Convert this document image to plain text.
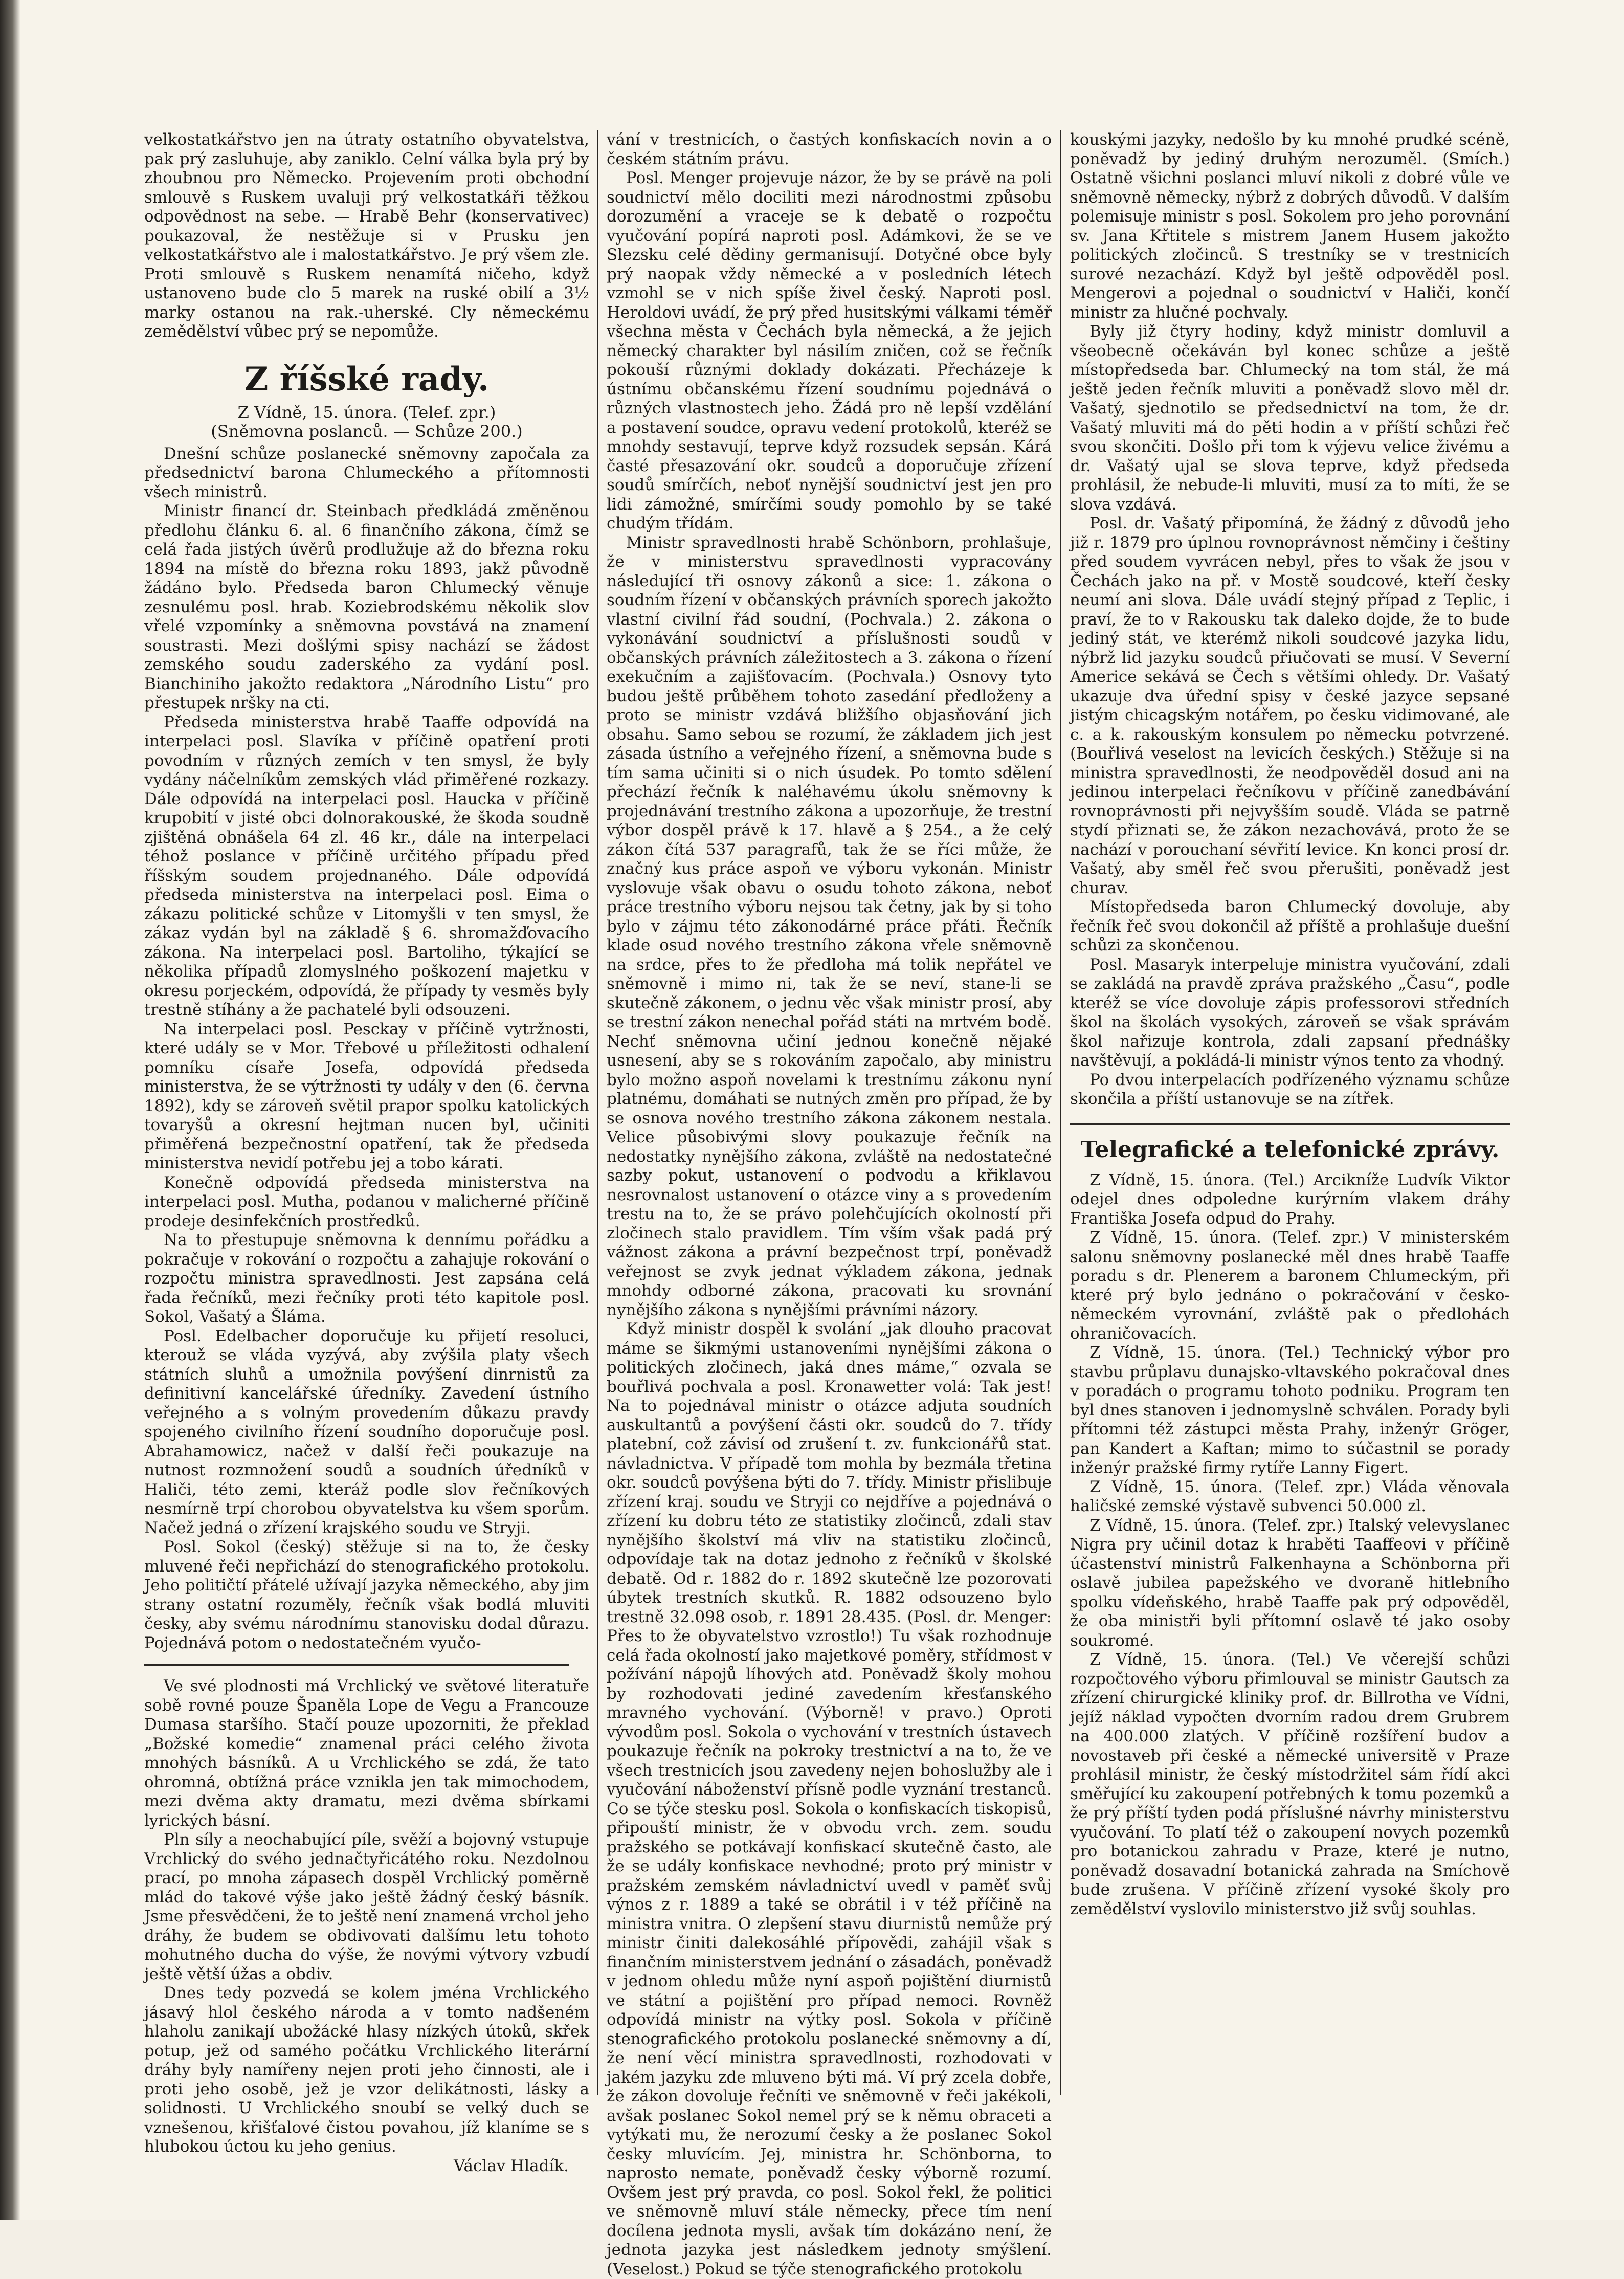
velkostatkářstvo jen na útraty ostatního obyvatelstva, pak prý zasluhuje, aby zaniklo. Celní válka byla prý by zhoubnou pro Německo. Projevením proti obchodní smlouvě s Ruskem uvaluji prý velkostatkáři těžkou odpovědnost na sebe. — Hrabě Behr (konservativec) poukazoval, že nestěžuje si v Prusku jen velkostatkářstvo ale i malostatkářstvo. Je prý všem zle. Proti smlouvě s Ruskem nenamítá ničeho, když ustanoveno bude clo 5 marek na ruské obilí a 3½ marky ostanou na rak.-uherské. Cly německému zemědělství vůbec prý se nepomůže.

Z říšské rady.

Z Vídně, 15. února. (Telef. zpr.)

(Sněmovna poslanců. — Schůze 200.)

Dnešní schůze poslanecké sněmovny započala za předsednictví barona Chlumeckého a přítomnosti všech ministrů.

Ministr financí dr. Steinbach předkládá změněnou předlohu článku 6. al. 6 finančního zákona, čímž se celá řada jistých úvěrů prodlužuje až do března roku 1894 na místě do března roku 1893, jakž původně žádáno bylo. Předseda baron Chlumecký věnuje zesnulému posl. hrab. Koziebrodskému několik slov vřelé vzpomínky a sněmovna povstává na znamení soustrasti. Mezi došlými spisy nachází se žádost zemského soudu zaderského za vydání posl. Bianchiniho jakožto redaktora „Národního Listu“ pro přestupek nršky na cti.

Předseda ministerstva hrabě Taaffe odpovídá na interpelaci posl. Slavíka v příčině opatření proti povodním v různých zemích v ten smysl, že byly vydány náčelníkům zemských vlád přiměřené rozkazy. Dále odpovídá na interpelaci posl. Haucka v příčině krupobití v jisté obci dolnorakouské, že škoda soudně zjištěná obnášela 64 zl. 46 kr., dále na interpelaci téhož poslance v příčině určitého případu před říšským soudem projednaného. Dále odpovídá předseda ministerstva na interpelaci posl. Eima o zákazu politické schůze v Litomyšli v ten smysl, že zákaz vydán byl na základě § 6. shromažďovacího zákona. Na interpelaci posl. Bartoliho, týkající se několika případů zlomyslného poškození majetku v okresu porjeckém, odpovídá, že případy ty vesměs byly trestně stíhány a že pachatelé byli odsouzeni.

Na interpelaci posl. Pesckay v příčině vytržnosti, které udály se v Mor. Třebové u příležitosti odhalení pomníku císaře Josefa, odpovídá předseda ministerstva, že se výtržnosti ty udály v den (6. června 1892), kdy se zároveň světil prapor spolku katolických tovaryšů a okresní hejtman nucen byl, učiniti přiměřená bezpečnostní opatření, tak že předseda ministerstva nevidí potřebu jej a tobo kárati.

Konečně odpovídá předseda ministerstva na interpelaci posl. Mutha, podanou v malicherné příčině prodeje desinfekčních prostředků.

Na to přestupuje sněmovna k dennímu pořádku a pokračuje v rokování o rozpočtu a zahajuje rokování o rozpočtu ministra spravedlnosti. Jest zapsána celá řada řečníků, mezi řečníky proti této kapitole posl. Sokol, Vašatý a Šláma.

Posl. Edelbacher doporučuje ku přijetí resoluci, kterouž se vláda vyzývá, aby zvýšila platy všech státních sluhů a umožnila povýšení dinrnistů za definitivní kancelářské úředníky. Zavedení ústního veřejného a s volným provedením důkazu pravdy spojeného civilního řízení soudního doporučuje posl. Abrahamowicz, načež v další řeči poukazuje na nutnost rozmnožení soudů a soudních úředníků v Haliči, této zemi, kteráž podle slov řečníkových nesmírně trpí chorobou obyvatelstva ku všem sporům. Načež jedná o zřízení krajského soudu ve Stryji.

Posl. Sokol (český) stěžuje si na to, že česky mluvené řeči nepřichází do stenografického protokolu. Jeho političtí přátelé užívají jazyka německého, aby jim strany ostatní rozuměly, řečník však bodlá mluviti česky, aby svému národnímu stanovisku dodal důrazu. Pojednává potom o nedostatečném vyučo-

Ve své plodnosti má Vrchlický ve světové literatuře sobě rovné pouze Španěla Lope de Vegu a Francouze Dumasa staršího. Stačí pouze upozorniti, že překlad „Božské komedie“ znamenal práci celého života mnohých básníků. A u Vrchlického se zdá, že tato ohromná, obtížná práce vznikla jen tak mimochodem, mezi dvěma akty dramatu, mezi dvěma sbírkami lyrických básní.

Pln síly a neochabující píle, svěží a bojovný vstupuje Vrchlický do svého jednačtyřicátého roku. Nezdolnou prací, po mnoha zápasech dospěl Vrchlický poměrně mlád do takové výše jako ještě žádný český básník. Jsme přesvědčeni, že to ještě není znamená vrchol jeho dráhy, že budem se obdivovati dalšímu letu tohoto mohutného ducha do výše, že novými výtvory vzbudí ještě větší úžas a obdiv.

Dnes tedy pozvedá se kolem jména Vrchlického jásavý hlol českého národa a v tomto nadšeném hlaholu zanikají ubožácké hlasy nízkých útoků, skřek potup, jež od samého počátku Vrchlického literární dráhy byly namířeny nejen proti jeho činnosti, ale i proti jeho osobě, jež je vzor delikátnosti, lásky a solidnosti. U Vrchlického snoubí se velký duch se vznešenou, křišťalové čistou povahou, jíž klaníme se s hlubokou úctou ku jeho genius.

Václav Hladík.

vání v trestnicích, o častých konfiskacích novin a o českém státním právu.

Posl. Menger projevuje názor, že by se právě na poli soudnictví mělo dociliti mezi národnostmi způsobu dorozumění a vraceje se k debatě o rozpočtu vyučování popírá naproti posl. Adámkovi, že se ve Slezsku celé dědiny germanisují. Dotyčné obce byly prý naopak vždy německé a v posledních létech vzmohl se v nich spíše živel český. Naproti posl. Heroldovi uvádí, že prý před husitskými válkami téměř všechna města v Čechách byla německá, a že jejich německý charakter byl násilím zničen, což se řečník pokouší různými doklady dokázati. Přecházeje k ústnímu občanskému řízení soudnímu pojednává o různých vlastnostech jeho. Žádá pro ně lepší vzdělání a postavení soudce, opravu vedení protokolů, kteréž se mnohdy sestavují, teprve když rozsudek sepsán. Kárá časté přesazování okr. soudců a doporučuje zřízení soudů smírčích, neboť nynější soudnictví jest jen pro lidi zámožné, smírčími soudy pomohlo by se také chudým třídám.

Ministr spravedlnosti hrabě Schönborn, prohlašuje, že v ministerstvu spravedlnosti vypracovány následující tři osnovy zákonů a sice: 1. zákona o soudním řízení v občanských právních sporech jakožto vlastní civilní řád soudní, (Pochvala.) 2. zákona o vykonávání soudnictví a příslušnosti soudů v občanských právních záležitostech a 3. zákona o řízení exekučním a zajišťovacím. (Pochvala.) Osnovy tyto budou ještě průběhem tohoto zasedání předloženy a proto se ministr vzdává bližšího objasňování jich obsahu. Samo sebou se rozumí, že základem jich jest zásada ústního a veřejného řízení, a sněmovna bude s tím sama učiniti si o nich úsudek. Po tomto sdělení přechází řečník k naléhavému úkolu sněmovny k projednávání trestního zákona a upozorňuje, že trestní výbor dospěl právě k 17. hlavě a § 254., a že celý zákon čítá 537 paragrafů, tak že se říci může, že značný kus práce aspoň ve výboru vykonán. Ministr vyslovuje však obavu o osudu tohoto zákona, neboť práce trestního výboru nejsou tak četny, jak by si toho bylo v zájmu této zákonodárné práce přáti. Řečník klade osud nového trestního zákona vřele sněmovně na srdce, přes to že předloha má tolik nepřátel ve sněmovně i mimo ni, tak že se neví, stane-li se skutečně zákonem, o jednu věc však ministr prosí, aby se trestní zákon nenechal pořád státi na mrtvém bodě. Nechť sněmovna učiní jednou konečně nějaké usnesení, aby se s rokováním započalo, aby ministru bylo možno aspoň novelami k trestnímu zákonu nyní platnému, domáhati se nutných změn pro případ, že by se osnova nového trestního zákona zákonem nestala. Velice působivými slovy poukazuje řečník na nedostatky nynějšího zákona, zvláště na nedostatečné sazby pokut, ustanovení o podvodu a křiklavou nesrovnalost ustanovení o otázce viny a s provedením trestu na to, že se právo polehčujících okolností při zločinech stalo pravidlem. Tím vším však padá prý vážnost zákona a právní bezpečnost trpí, poněvadž veřejnost se zvyk jednat výkladem zákona, jednak mnohdy odborné zákona, pracovati ku srovnání nynějšího zákona s nynějšími právními názory.

Když ministr dospěl k svolání „jak dlouho pracovat máme se šikmými ustanoveními nynějšími zákona o politických zločinech, jaká dnes máme,“ ozvala se bouřlivá pochvala a posl. Kronawetter volá: Tak jest! Na to pojednával ministr o otázce adjuta soudních auskultantů a povýšení části okr. soudců do 7. třídy platební, což závisí od zrušení t. zv. funkcionářů stat. návladnictva. V případě tom mohla by bezmála třetina okr. soudců povýšena býti do 7. třídy. Ministr přislibuje zřízení kraj. soudu ve Stryji co nejdříve a pojednává o zřízení ku dobru této ze statistiky zločinců, zdali stav nynějšího školství má vliv na statistiku zločinců, odpovídaje tak na dotaz jednoho z řečníků v školské debatě. Od r. 1882 do r. 1892 skutečně lze pozorovati úbytek trestních skutků. R. 1882 odsouzeno bylo trestně 32.098 osob, r. 1891 28.435. (Posl. dr. Menger: Přes to že obyvatelstvo vzrostlo!) Tu však rozhodnuje celá řada okolností jako majetkové poměry, střídmost v požívání nápojů líhových atd. Poněvadž školy mohou by rozhodovati jediné zavedením křesťanského mravného vychování. (Výborně! v pravo.) Oproti vývodům posl. Sokola o vychování v trestních ústavech poukazuje řečník na pokroky trestnictví a na to, že ve všech trestnicích jsou zavedeny nejen bohoslužby ale i vyučování náboženství přísně podle vyznání trestanců. Co se týče stesku posl. Sokola o konfiskacích tiskopisů, připouští ministr, že v obvodu vrch. zem. soudu pražského se potkávají konfiskací skutečně často, ale že se udály konfiskace nevhodné; proto prý ministr v pražském zemském návladnictví uvedl v paměť svůj výnos z r. 1889 a také se obrátil i v též příčině na ministra vnitra. O zlepšení stavu diurnistů nemůže prý ministr činiti dalekosáhlé přípovědi, zahájil však s finančním ministerstvem jednání o zásadách, poněvadž v jednom ohledu může nyní aspoň pojištění diurnistů ve státní a pojištění pro případ nemoci. Rovněž odpovídá ministr na výtky posl. Sokola v příčině stenografického protokolu poslanecké sněmovny a dí, že není věcí ministra spravedlnosti, rozhodovati v jakém jazyku zde mluveno býti má. Ví prý zcela dobře, že zákon dovoluje řečníti ve sněmovně v řeči jakékoli, avšak poslanec Sokol nemel prý se k němu obraceti a vytýkati mu, že nerozumí česky a že poslanec Sokol česky mluvícím. Jej, ministra hr. Schönborna, to naprosto nemate, poněvadž česky výborně rozumí. Ovšem jest prý pravda, co posl. Sokol řekl, že politici ve sněmovně mluví stále německy, přece tím není docílena jednota mysli, avšak tím dokázáno není, že jednota jazyka jest následkem jednoty smýšlení. (Veselost.) Pokud se týče stenografického protokolu

kouskými jazyky, nedošlo by ku mnohé prudké scéně, poněvadž by jediný druhým nerozuměl. (Smích.) Ostatně všichni poslanci mluví nikoli z dobré vůle ve sněmovně německy, nýbrž z dobrých důvodů. V dalším polemisuje ministr s posl. Sokolem pro jeho porovnání sv. Jana Křtitele s mistrem Janem Husem jakožto politických zločinců. S trestníky se v trestnicích surové nezachází. Když byl ještě odpověděl posl. Mengerovi a pojednal o soudnictví v Haliči, končí ministr za hlučné pochvaly.

Byly již čtyry hodiny, když ministr domluvil a všeobecně očekáván byl konec schůze a ještě místopředseda bar. Chlumecký na tom stál, že má ještě jeden řečník mluviti a poněvadž slovo měl dr. Vašatý, sjednotilo se předsednictví na tom, že dr. Vašatý mluviti má do pěti hodin a v příští schůzi řeč svou skončiti. Došlo při tom k výjevu velice živému a dr. Vašatý ujal se slova teprve, když předseda prohlásil, že nebude-li mluviti, musí za to míti, že se slova vzdává.

Posl. dr. Vašatý připomíná, že žádný z důvodů jeho již r. 1879 pro úplnou rovnoprávnost němčiny i češtiny před soudem vyvrácen nebyl, přes to však že jsou v Čechách jako na př. v Mostě soudcové, kteří česky neumí ani slova. Dále uvádí stejný případ z Teplic, i praví, že to v Rakousku tak daleko dojde, že to bude jediný stát, ve kterémž nikoli soudcové jazyka lidu, nýbrž lid jazyku soudců přiučovati se musí. V Severní Americe sekává se Čech s většími ohledy. Dr. Vašatý ukazuje dva úřední spisy v české jazyce sepsané jistým chicagským notářem, po česku vidimované, ale c. a k. rakouským konsulem po německu potvrzené. (Bouřlivá veselost na levicích českých.) Stěžuje si na ministra spravedlnosti, že neodpověděl dosud ani na jedinou interpelaci řečníkovu v příčině zanedbávání rovnoprávnosti při nejvyšším soudě. Vláda se patrně stydí přiznati se, že zákon nezachovává, proto že se nachází v porouchaní sévřití levice. Kn konci prosí dr. Vašatý, aby směl řeč svou přerušiti, poněvadž jest churav.

Místopředseda baron Chlumecký dovoluje, aby řečník řeč svou dokončil až příště a prohlašuje duešní schůzi za skončenou.

Posl. Masaryk interpeluje ministra vyučování, zdali se zakládá na pravdě zpráva pražského „Času“, podle kteréž se více dovoluje zápis professorovi středních škol na školách vysokých, zároveň se však správám škol nařizuje kontrola, zdali zapsaní přednášky navštěvují, a pokládá-li ministr výnos tento za vhodný.

Po dvou interpelacích podřízeného významu schůze skončila a příští ustanovuje se na zítřek.

Telegrafické a telefonické zprávy.

Z Vídně, 15. února. (Tel.) Arcikníže Ludvík Viktor odejel dnes odpoledne kurýrním vlakem dráhy Františka Josefa odpud do Prahy.

Z Vídně, 15. února. (Telef. zpr.) V ministerském salonu sněmovny poslanecké měl dnes hrabě Taaffe poradu s dr. Plenerem a baronem Chlumeckým, při které prý bylo jednáno o pokračování v česko-německém vyrovnání, zvláště pak o předlohách ohraničovacích.

Z Vídně, 15. února. (Tel.) Technický výbor pro stavbu průplavu dunajsko-vltavského pokračoval dnes v poradách o programu tohoto podniku. Program ten byl dnes stanoven i jednomyslně schválen. Porady byli přítomni též zástupci města Prahy, inženýr Gröger, pan Kandert a Kaftan; mimo to súčastnil se porady inženýr pražské firmy rytíře Lanny Figert.

Z Vídně, 15. února. (Telef. zpr.) Vláda věnovala haličské zemské výstavě subvenci 50.000 zl.

Z Vídně, 15. února. (Telef. zpr.) Italský velevyslanec Nigra pry učinil dotaz k hraběti Taaffeovi v příčině účastenství ministrů Falkenhayna a Schönborna při oslavě jubilea papežského ve dvoraně hitlebního spolku vídeňského, hrabě Taaffe pak prý odpověděl, že oba ministři byli přítomní oslavě té jako osoby soukromé.

Z Vídně, 15. února. (Tel.) Ve včerejší schůzi rozpočtového výboru přimlouval se ministr Gautsch za zřízení chirurgické kliniky prof. dr. Billrotha ve Vídni, jejíž náklad vypočten dvorním radou drem Grubrem na 400.000 zlatých. V příčině rozšíření budov a novostaveb při české a německé universitě v Praze prohlásil ministr, že český místodržitel sám řídí akci směřující ku zakoupení potřebných k tomu pozemků a že prý příští tyden podá příslušné návrhy ministerstvu vyučování. To platí též o zakoupení novych pozemků pro botanickou zahradu v Praze, které je nutno, poněvadž dosavadní botanická zahrada na Smíchově bude zrušena. V příčině zřízení vysoké školy pro zemědělství vyslovilo ministerstvo již svůj souhlas.
